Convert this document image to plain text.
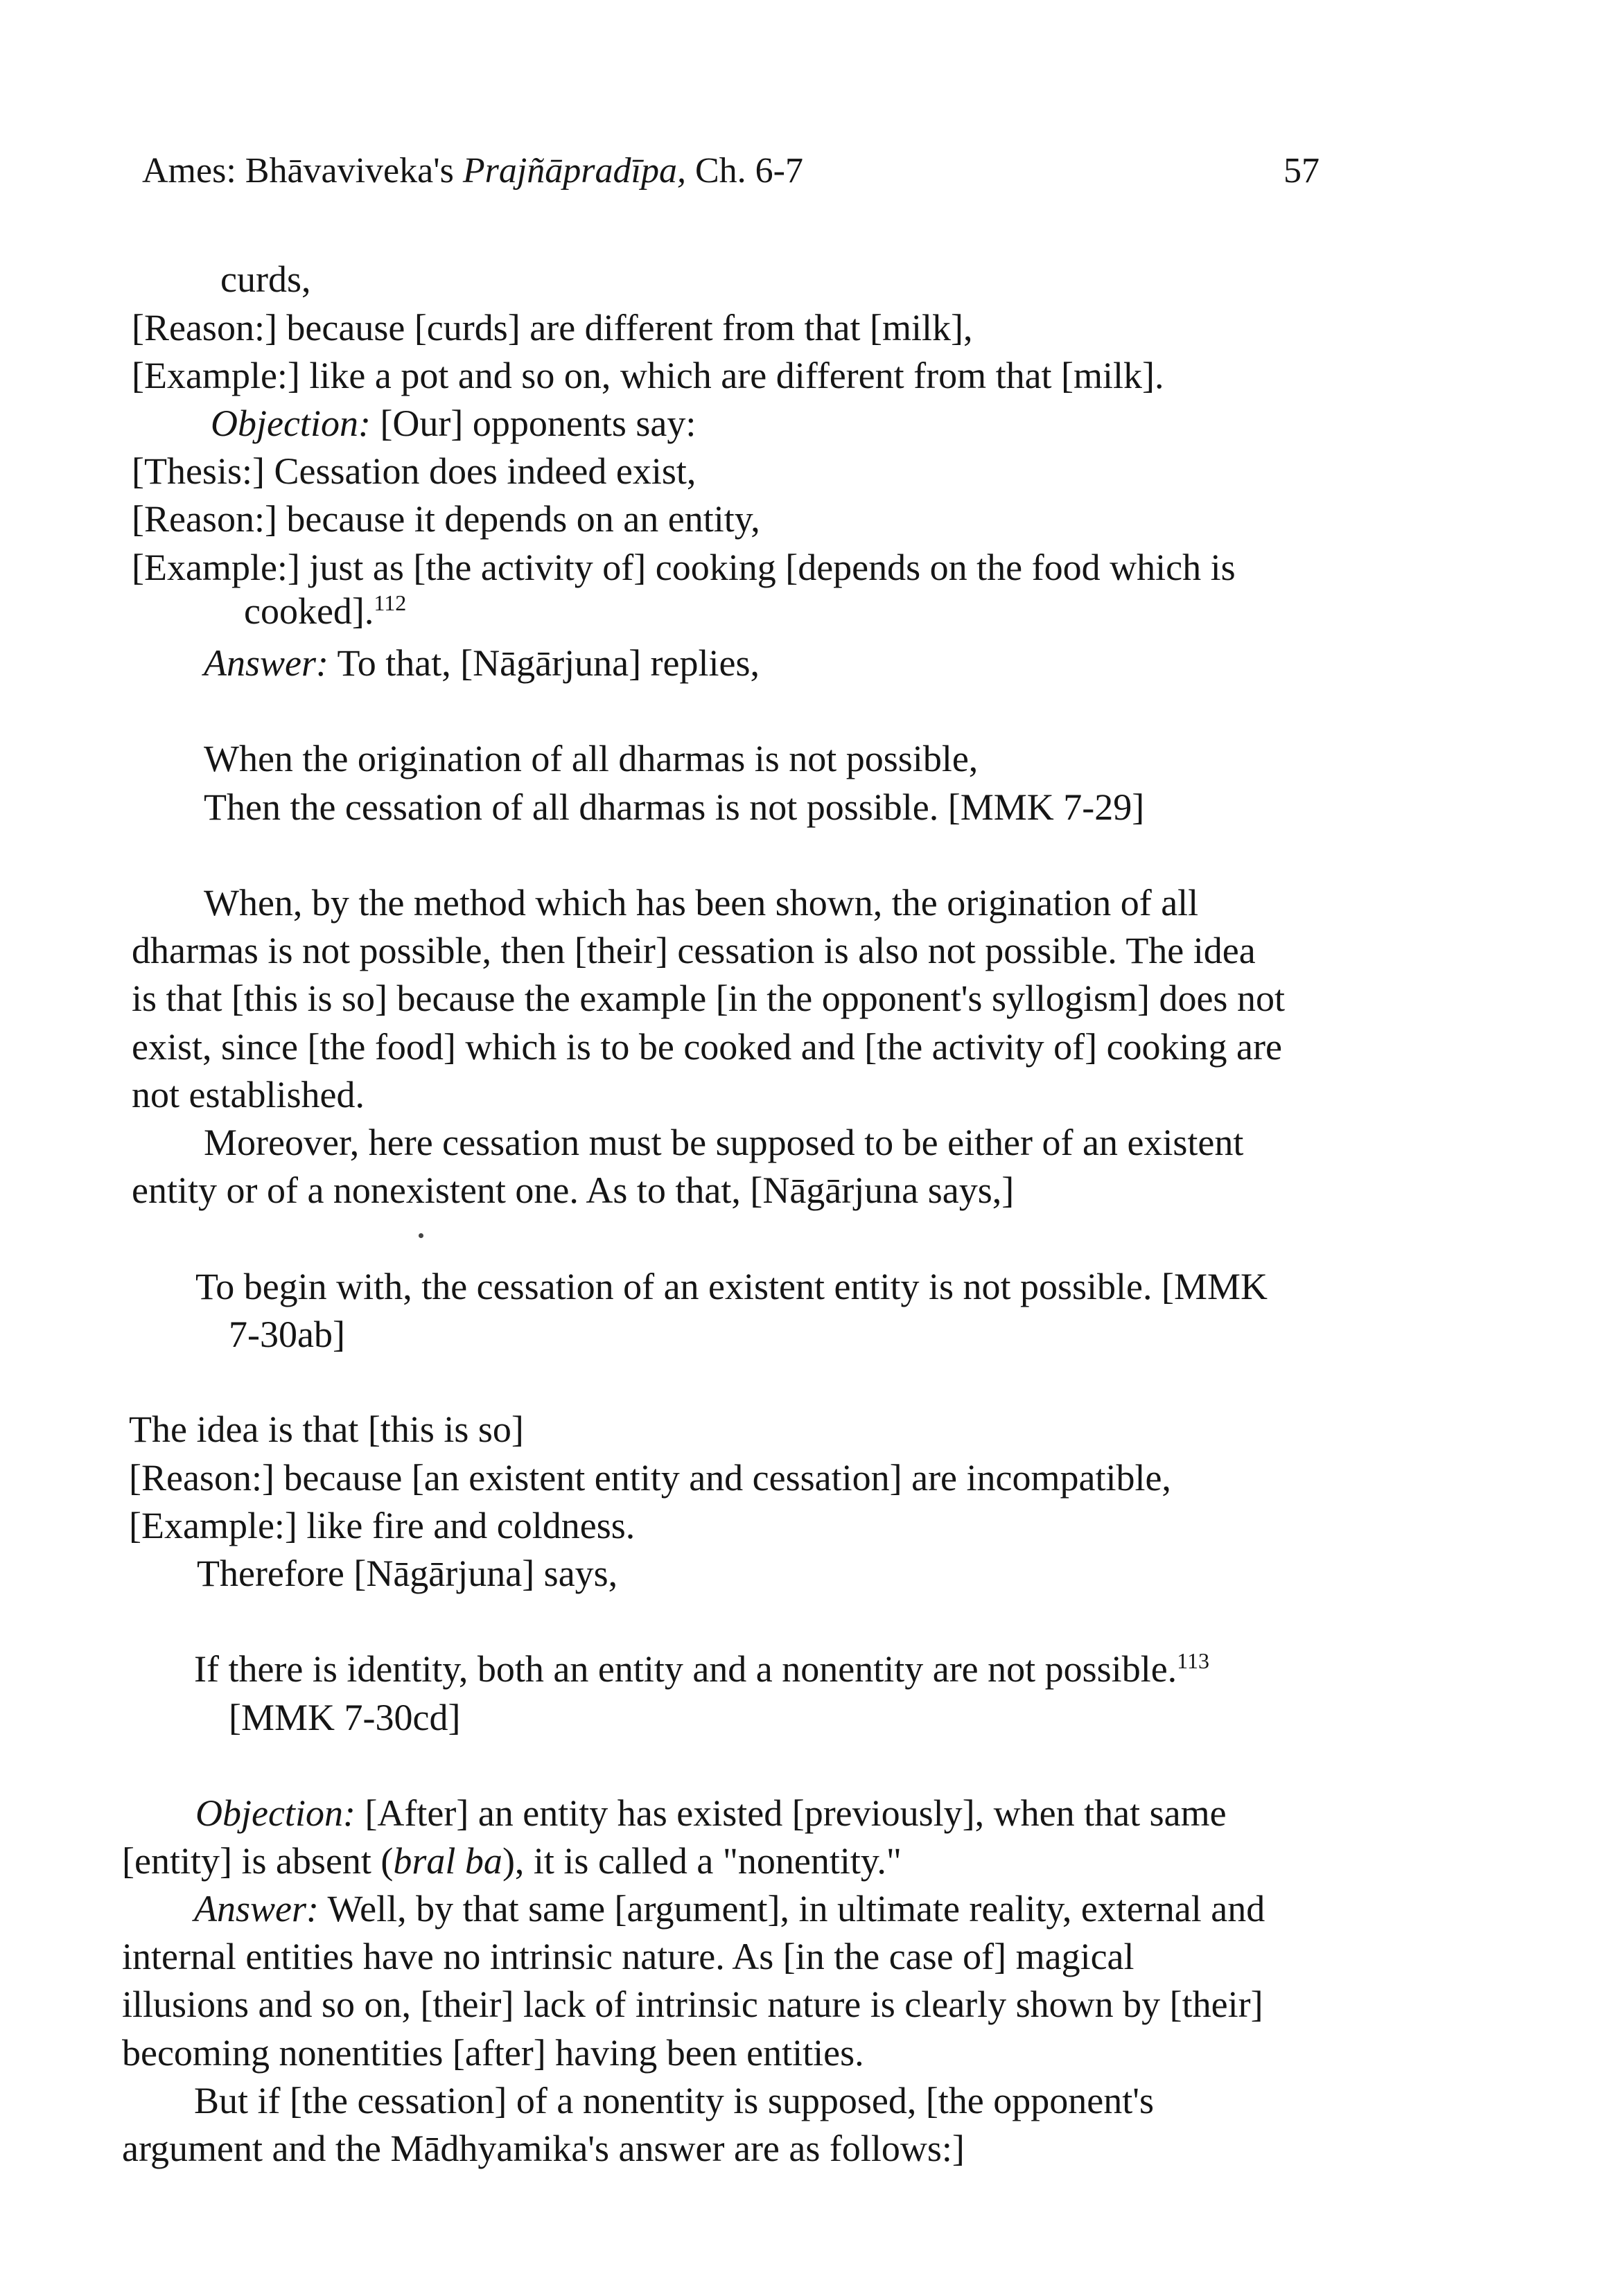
Ames: Bhāvaviveka's Prajñāpradīpa, Ch. 6-7	57
curds,
[Reason:] because [curds] are different from that [milk],
[Example:] like a pot and so on, which are different from that [milk].
Objection: [Our] opponents say:
[Thesis:] Cessation does indeed exist,
[Reason:] because it depends on an entity,
[Example:] just as [the activity of] cooking [depends on the food which is
cooked].$^{112}$
Answer: To that, [Nāgārjuna] replies,
When the origination of all dharmas is not possible,
Then the cessation of all dharmas is not possible. [MMK 7-29]
When, by the method which has been shown, the origination of all
dharmas is not possible, then [their] cessation is also not possible. The idea
is that [this is so] because the example [in the opponent's syllogism] does not
exist, since [the food] which is to be cooked and [the activity of] cooking are
not established.
Moreover, here cessation must be supposed to be either of an existent
entity or of a nonexistent one. As to that, [Nāgārjuna says,]
To begin with, the cessation of an existent entity is not possible. [MMK
7-30ab]
The idea is that [this is so]
[Reason:] because [an existent entity and cessation] are incompatible,
[Example:] like fire and coldness.
Therefore [Nāgārjuna] says,
If there is identity, both an entity and a nonentity are not possible.$^{113}$
[MMK 7-30cd]
Objection: [After] an entity has existed [previously], when that same
[entity] is absent (bral ba), it is called a "nonentity."
Answer: Well, by that same [argument], in ultimate reality, external and
internal entities have no intrinsic nature. As [in the case of] magical
illusions and so on, [their] lack of intrinsic nature is clearly shown by [their]
becoming nonentities [after] having been entities.
But if [the cessation] of a nonentity is supposed, [the opponent's
argument and the Mādhyamika's answer are as follows:]
